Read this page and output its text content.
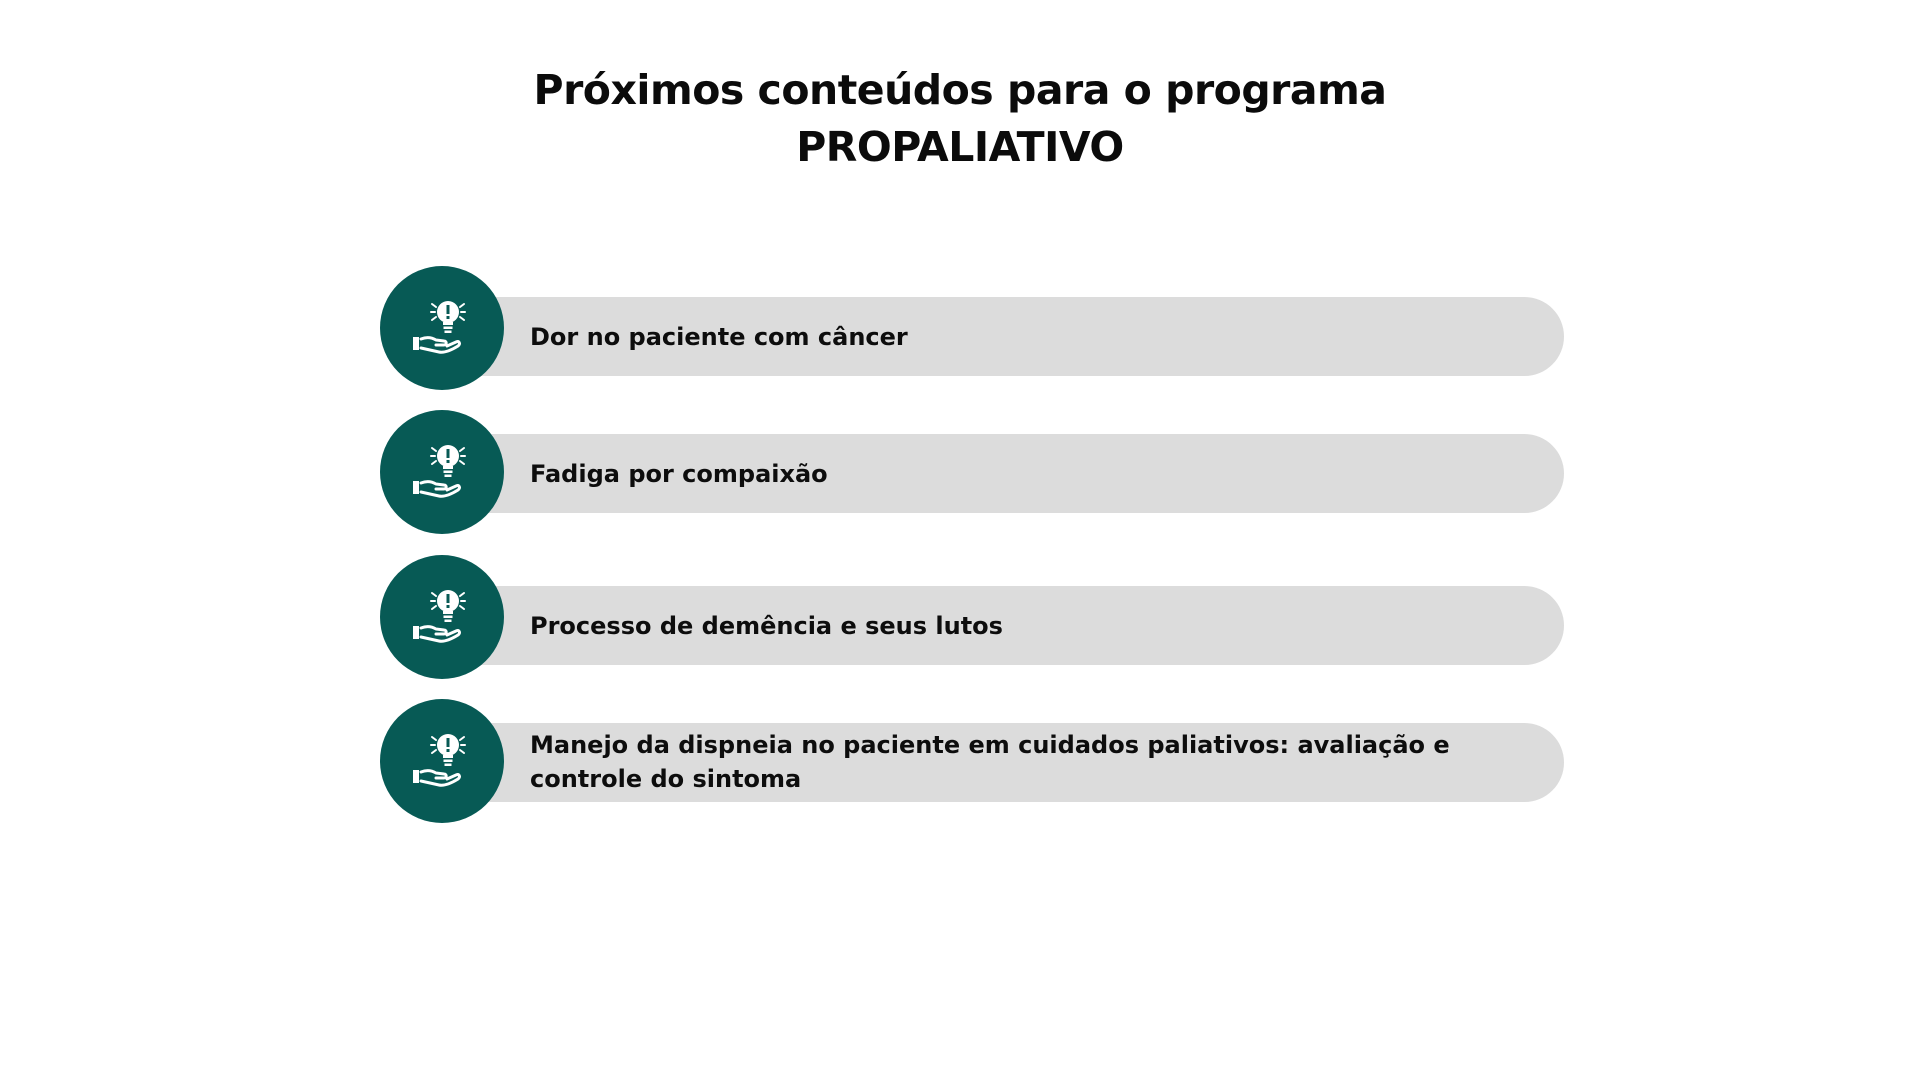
Próximos conteúdos para o programa
PROPALIATIVO
Dor no paciente com câncer
Fadiga por compaixão
Processo de demência e seus lutos
Manejo da dispneia no paciente em cuidados paliativos: avaliação e controle do sintoma
